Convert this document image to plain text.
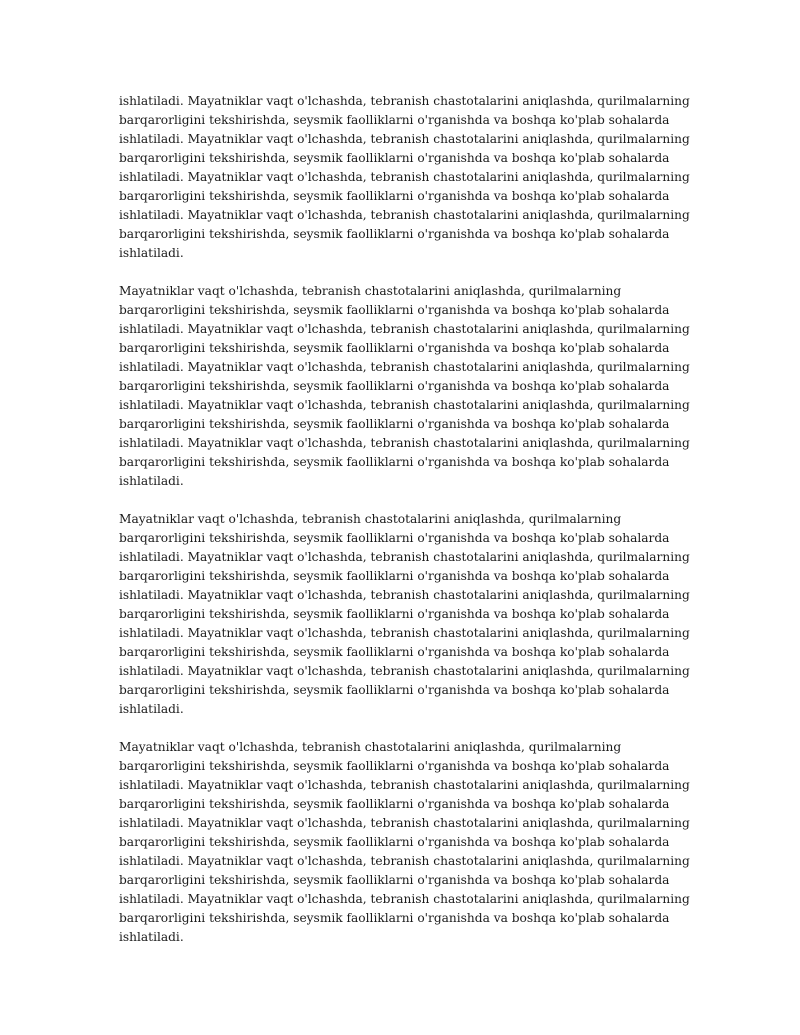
ishlatiladi. Mayatniklar vaqt o'lchashda, tebranish chastotalarini aniqlashda, qurilmalarning
barqarorligini tekshirishda, seysmik faolliklarni o'rganishda va boshqa ko'plab sohalarda
ishlatiladi. Mayatniklar vaqt o'lchashda, tebranish chastotalarini aniqlashda, qurilmalarning
barqarorligini tekshirishda, seysmik faolliklarni o'rganishda va boshqa ko'plab sohalarda
ishlatiladi. Mayatniklar vaqt o'lchashda, tebranish chastotalarini aniqlashda, qurilmalarning
barqarorligini tekshirishda, seysmik faolliklarni o'rganishda va boshqa ko'plab sohalarda
ishlatiladi. Mayatniklar vaqt o'lchashda, tebranish chastotalarini aniqlashda, qurilmalarning
barqarorligini tekshirishda, seysmik faolliklarni o'rganishda va boshqa ko'plab sohalarda
ishlatiladi.

Mayatniklar vaqt o'lchashda, tebranish chastotalarini aniqlashda, qurilmalarning
barqarorligini tekshirishda, seysmik faolliklarni o'rganishda va boshqa ko'plab sohalarda
ishlatiladi. Mayatniklar vaqt o'lchashda, tebranish chastotalarini aniqlashda, qurilmalarning
barqarorligini tekshirishda, seysmik faolliklarni o'rganishda va boshqa ko'plab sohalarda
ishlatiladi. Mayatniklar vaqt o'lchashda, tebranish chastotalarini aniqlashda, qurilmalarning
barqarorligini tekshirishda, seysmik faolliklarni o'rganishda va boshqa ko'plab sohalarda
ishlatiladi. Mayatniklar vaqt o'lchashda, tebranish chastotalarini aniqlashda, qurilmalarning
barqarorligini tekshirishda, seysmik faolliklarni o'rganishda va boshqa ko'plab sohalarda
ishlatiladi. Mayatniklar vaqt o'lchashda, tebranish chastotalarini aniqlashda, qurilmalarning
barqarorligini tekshirishda, seysmik faolliklarni o'rganishda va boshqa ko'plab sohalarda
ishlatiladi.

Mayatniklar vaqt o'lchashda, tebranish chastotalarini aniqlashda, qurilmalarning
barqarorligini tekshirishda, seysmik faolliklarni o'rganishda va boshqa ko'plab sohalarda
ishlatiladi. Mayatniklar vaqt o'lchashda, tebranish chastotalarini aniqlashda, qurilmalarning
barqarorligini tekshirishda, seysmik faolliklarni o'rganishda va boshqa ko'plab sohalarda
ishlatiladi. Mayatniklar vaqt o'lchashda, tebranish chastotalarini aniqlashda, qurilmalarning
barqarorligini tekshirishda, seysmik faolliklarni o'rganishda va boshqa ko'plab sohalarda
ishlatiladi. Mayatniklar vaqt o'lchashda, tebranish chastotalarini aniqlashda, qurilmalarning
barqarorligini tekshirishda, seysmik faolliklarni o'rganishda va boshqa ko'plab sohalarda
ishlatiladi. Mayatniklar vaqt o'lchashda, tebranish chastotalarini aniqlashda, qurilmalarning
barqarorligini tekshirishda, seysmik faolliklarni o'rganishda va boshqa ko'plab sohalarda
ishlatiladi.

Mayatniklar vaqt o'lchashda, tebranish chastotalarini aniqlashda, qurilmalarning
barqarorligini tekshirishda, seysmik faolliklarni o'rganishda va boshqa ko'plab sohalarda
ishlatiladi. Mayatniklar vaqt o'lchashda, tebranish chastotalarini aniqlashda, qurilmalarning
barqarorligini tekshirishda, seysmik faolliklarni o'rganishda va boshqa ko'plab sohalarda
ishlatiladi. Mayatniklar vaqt o'lchashda, tebranish chastotalarini aniqlashda, qurilmalarning
barqarorligini tekshirishda, seysmik faolliklarni o'rganishda va boshqa ko'plab sohalarda
ishlatiladi. Mayatniklar vaqt o'lchashda, tebranish chastotalarini aniqlashda, qurilmalarning
barqarorligini tekshirishda, seysmik faolliklarni o'rganishda va boshqa ko'plab sohalarda
ishlatiladi. Mayatniklar vaqt o'lchashda, tebranish chastotalarini aniqlashda, qurilmalarning
barqarorligini tekshirishda, seysmik faolliklarni o'rganishda va boshqa ko'plab sohalarda
ishlatiladi.
